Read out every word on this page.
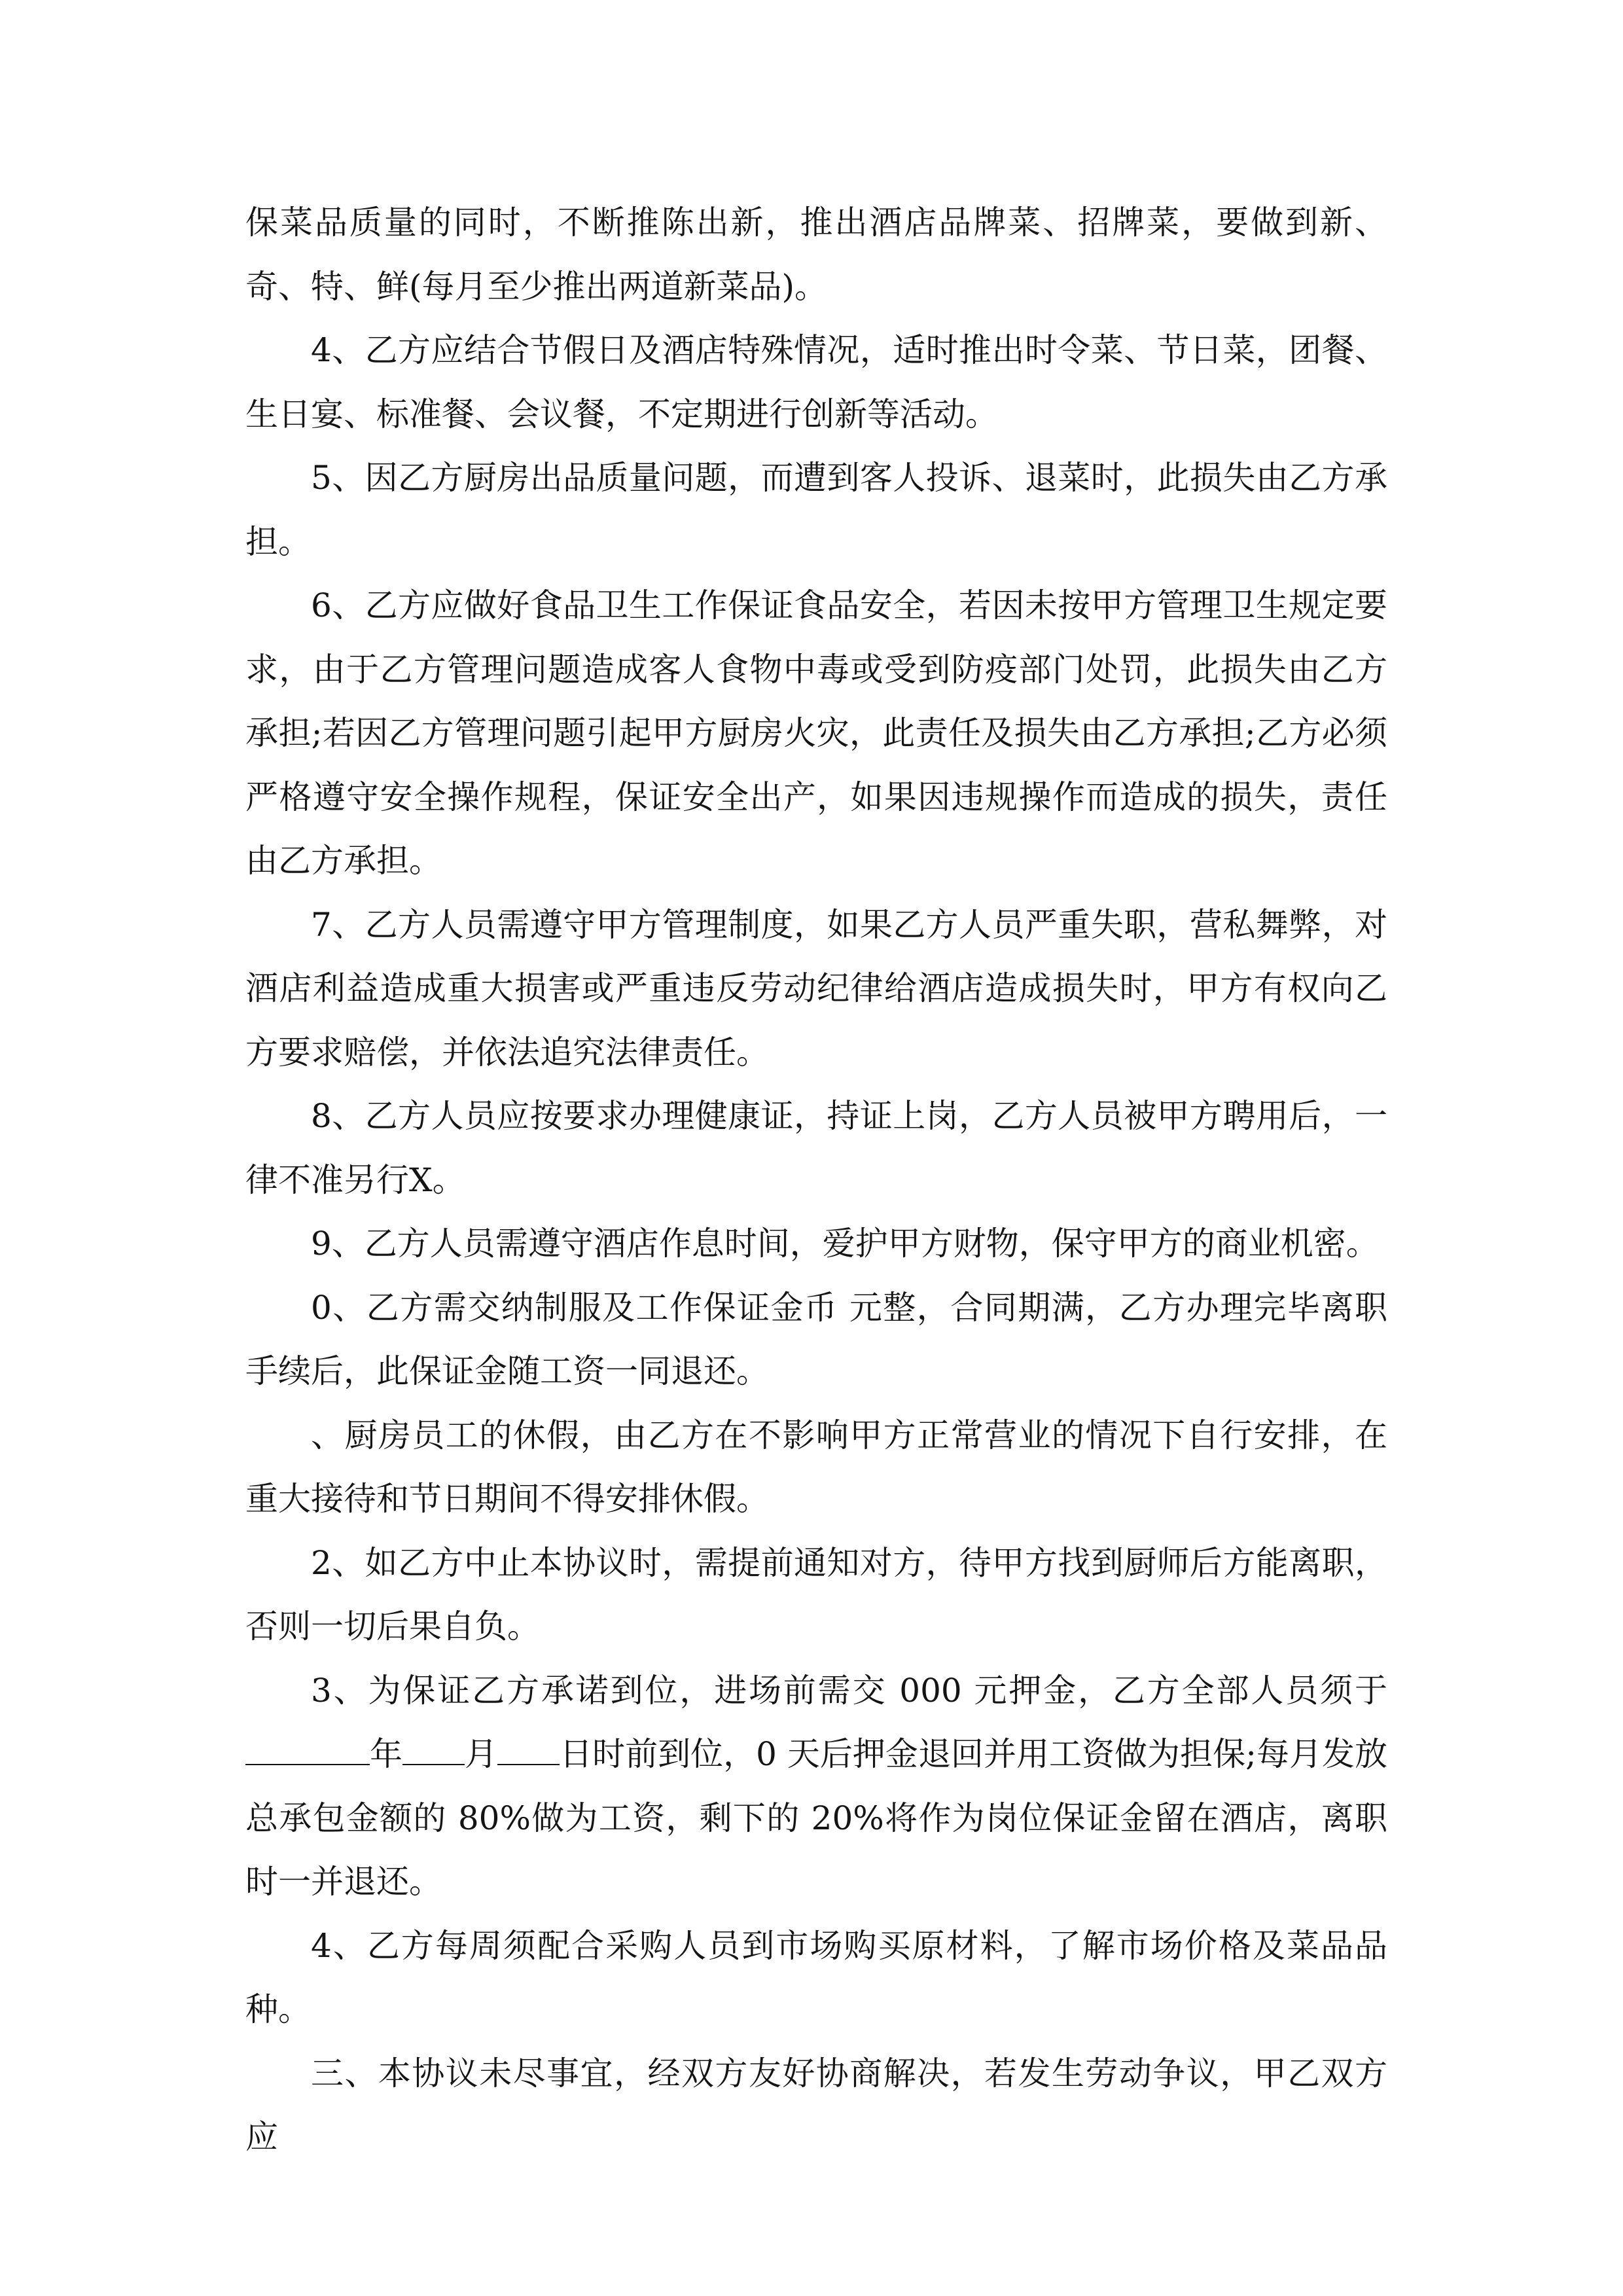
保菜品质量的同时，不断推陈出新，推出酒店品牌菜、招牌菜，要做到新、奇、特、鲜(每月至少推出两道新菜品)。

4、乙方应结合节假日及酒店特殊情况，适时推出时令菜、节日菜，团餐、生日宴、标准餐、会议餐，不定期进行创新等活动。

5、因乙方厨房出品质量问题，而遭到客人投诉、退菜时，此损失由乙方承担。

6、乙方应做好食品卫生工作保证食品安全，若因未按甲方管理卫生规定要求，由于乙方管理问题造成客人食物中毒或受到防疫部门处罚，此损失由乙方承担;若因乙方管理问题引起甲方厨房火灾，此责任及损失由乙方承担;乙方必须严格遵守安全操作规程，保证安全出产，如果因违规操作而造成的损失，责任由乙方承担。

7、乙方人员需遵守甲方管理制度，如果乙方人员严重失职，营私舞弊，对酒店利益造成重大损害或严重违反劳动纪律给酒店造成损失时，甲方有权向乙方要求赔偿，并依法追究法律责任。

8、乙方人员应按要求办理健康证，持证上岗，乙方人员被甲方聘用后，一律不准另行X。

9、乙方人员需遵守酒店作息时间，爱护甲方财物，保守甲方的商业机密。

0、乙方需交纳制服及工作保证金币 元整，合同期满，乙方办理完毕离职手续后，此保证金随工资一同退还。

、厨房员工的休假，由乙方在不影响甲方正常营业的情况下自行安排，在重大接待和节日期间不得安排休假。

2、如乙方中止本协议时，需提前通知对方，待甲方找到厨师后方能离职，否则一切后果自负。

3、为保证乙方承诺到位，进场前需交 000 元押金，乙方全部人员须于年 月 日时前到位，0 天后押金退回并用工资做为担保;每月发放总承包金额的 80%做为工资，剩下的 20%将作为岗位保证金留在酒店，离职时一并退还。

4、乙方每周须配合采购人员到市场购买原材料，了解市场价格及菜品品种。

三、本协议未尽事宜，经双方友好协商解决，若发生劳动争议，甲乙双方应
